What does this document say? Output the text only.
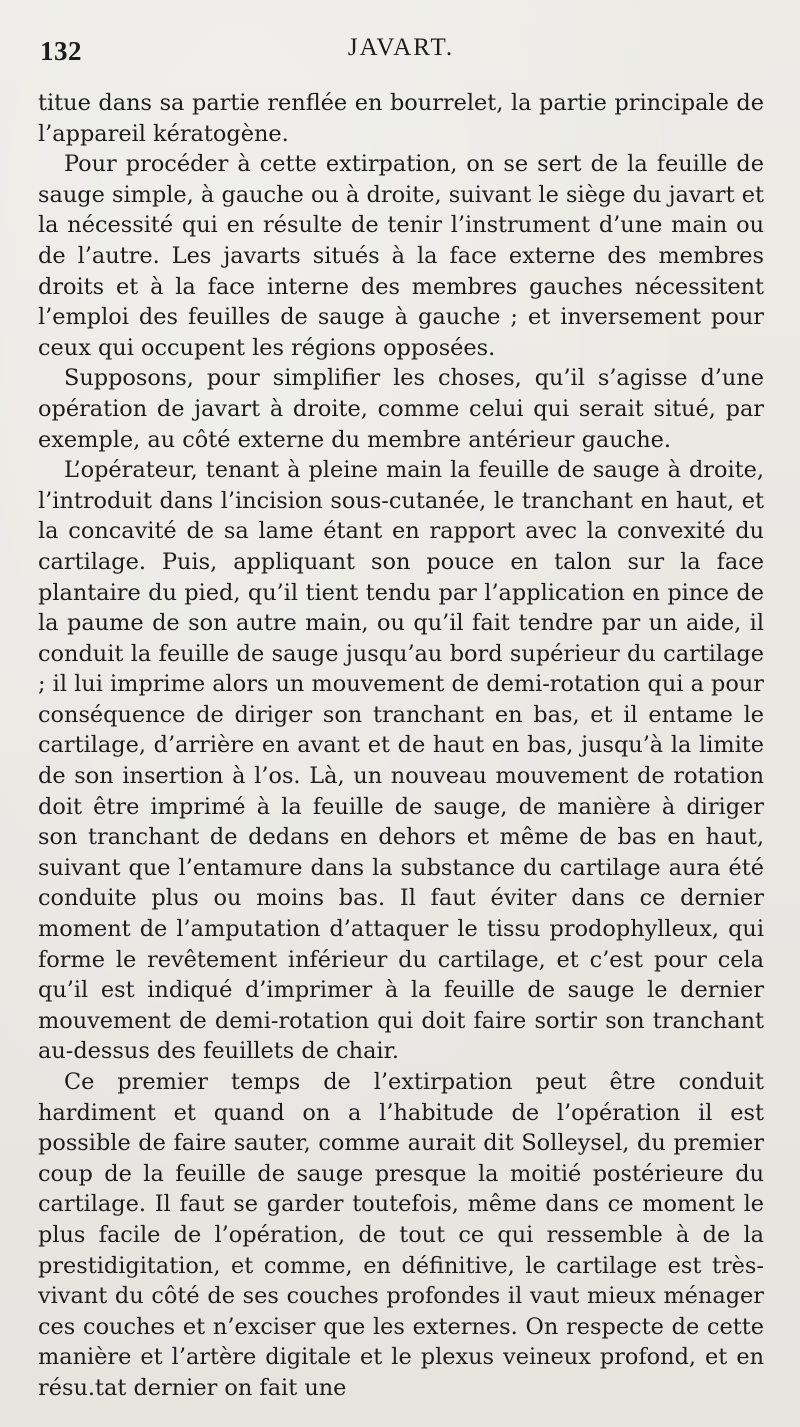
132	JAVART.

titue dans sa partie renflée en bourrelet, la partie principale de l’appareil kératogène.

Pour procéder à cette extirpation, on se sert de la feuille de sauge simple, à gauche ou à droite, suivant le siège du javart et la nécessité qui en résulte de tenir l’instrument d’une main ou de l’autre. Les javarts situés à la face externe des membres droits et à la face interne des membres gauches nécessitent l’emploi des feuilles de sauge à gauche ; et inversement pour ceux qui occupent les régions opposées.

Supposons, pour simplifier les choses, qu’il s’agisse d’une opération de javart à droite, comme celui qui serait situé, par exemple, au côté externe du membre antérieur gauche.

L’opérateur, tenant à pleine main la feuille de sauge à droite, l’introduit dans l’incision sous-cutanée, le tranchant en haut, et la concavité de sa lame étant en rapport avec la convexité du cartilage. Puis, appliquant son pouce en talon sur la face plantaire du pied, qu’il tient tendu par l’application en pince de la paume de son autre main, ou qu’il fait tendre par un aide, il conduit la feuille de sauge jusqu’au bord supérieur du cartilage ; il lui imprime alors un mouvement de demi-rotation qui a pour conséquence de diriger son tranchant en bas, et il entame le cartilage, d’arrière en avant et de haut en bas, jusqu’à la limite de son insertion à l’os. Là, un nouveau mouvement de rotation doit être imprimé à la feuille de sauge, de manière à diriger son tranchant de dedans en dehors et même de bas en haut, suivant que l’entamure dans la substance du cartilage aura été conduite plus ou moins bas. Il faut éviter dans ce dernier moment de l’amputation d’attaquer le tissu prodophylleux, qui forme le revêtement inférieur du cartilage, et c’est pour cela qu’il est indiqué d’imprimer à la feuille de sauge le dernier mouvement de demi-rotation qui doit faire sortir son tranchant au-dessus des feuillets de chair.

Ce premier temps de l’extirpation peut être conduit hardiment et quand on a l’habitude de l’opération il est possible de faire sauter, comme aurait dit Solleysel, du premier coup de la feuille de sauge presque la moitié postérieure du cartilage. Il faut se garder toutefois, même dans ce moment le plus facile de l’opération, de tout ce qui ressemble à de la prestidigitation, et comme, en définitive, le cartilage est très-vivant du côté de ses couches profondes il vaut mieux ménager ces couches et n’exciser que les externes. On respecte de cette manière et l’artère digitale et le plexus veineux profond, et en résu.tat dernier on fait une
